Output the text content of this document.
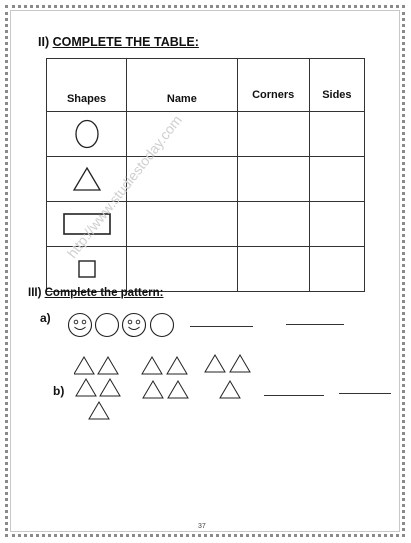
II) COMPLETE THE TABLE:
Shapes	Name	Corners	Sides

III) Complete the pattern:
a)
b)
http://www.studiestoday.com
37
